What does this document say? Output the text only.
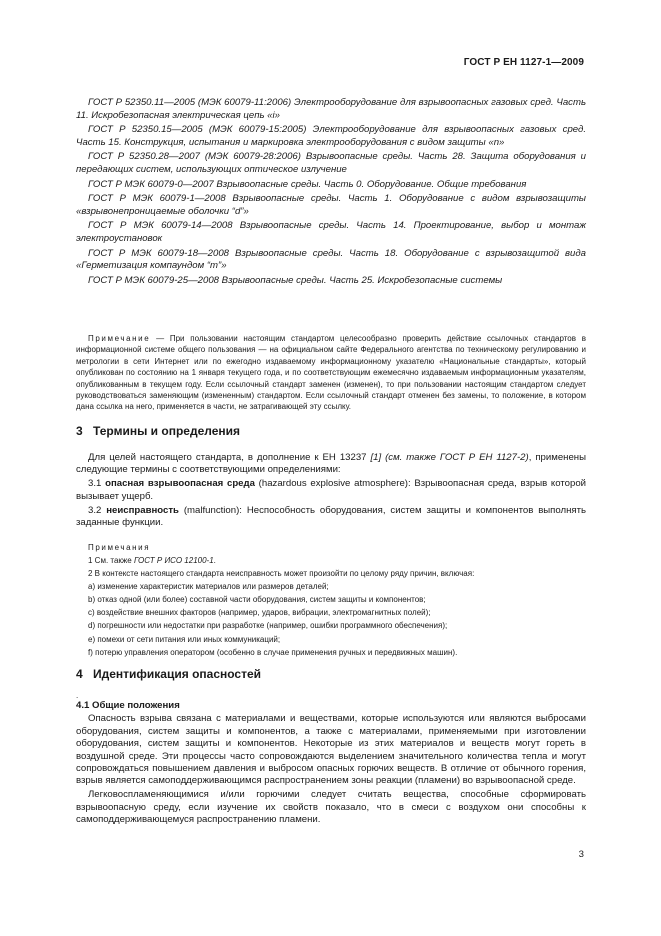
ГОСТ Р ЕН 1127-1—2009

ГОСТ Р 52350.11—2005 (МЭК 60079-11:2006) Электрооборудование для взрывоопасных газовых сред. Часть 11. Искробезопасная электрическая цепь «i»

ГОСТ Р 52350.15—2005 (МЭК 60079-15:2005) Электрооборудование для взрывоопасных газовых сред. Часть 15. Конструкция, испытания и маркировка электрооборудования с видом защиты «n»

ГОСТ Р 52350.28—2007 (МЭК 60079-28:2006) Взрывоопасные среды. Часть 28. Защита оборудования и передающих систем, использующих оптическое излучение

ГОСТ Р МЭК 60079-0—2007 Взрывоопасные среды. Часть 0. Оборудование. Общие требования

ГОСТ Р МЭК 60079-1—2008 Взрывоопасные среды. Часть 1. Оборудование с видом взрывозащиты «взрывонепроницаемые оболочки “d”»

ГОСТ Р МЭК 60079-14—2008 Взрывоопасные среды. Часть 14. Проектирование, выбор и монтаж электроустановок

ГОСТ Р МЭК 60079-18—2008 Взрывоопасные среды. Часть 18. Оборудование с взрывозащитой вида «Герметизация компаундом “m”»

ГОСТ Р МЭК 60079-25—2008 Взрывоопасные среды. Часть 25. Искробезопасные системы

Примечание — При пользовании настоящим стандартом целесообразно проверить действие ссылочных стандартов в информационной системе общего пользования — на официальном сайте Федерального агентства по техническому регулированию и метрологии в сети Интернет или по ежегодно издаваемому информационному указателю «Национальные стандарты», который опубликован по состоянию на 1 января текущего года, и по соответствующим ежемесячно издаваемым информационным указателям, опубликованным в текущем году. Если ссылочный стандарт заменен (изменен), то при пользовании настоящим стандартом следует руководствоваться заменяющим (измененным) стандартом. Если ссылочный стандарт отменен без замены, то положение, в котором дана ссылка на него, применяется в части, не затрагивающей эту ссылку.

3 Термины и определения

Для целей настоящего стандарта, в дополнение к ЕН 13237 [1] (см. также ГОСТ Р ЕН 1127-2), применены следующие термины с соответствующими определениями:

3.1 опасная взрывоопасная среда (hazardous explosive atmosphere): Взрывоопасная среда, взрыв которой вызывает ущерб.

3.2 неисправность (malfunction): Неспособность оборудования, систем защиты и компонентов выполнять заданные функции.

Примечания
1 См. также ГОСТ Р ИСО 12100-1.
2 В контексте настоящего стандарта неисправность может произойти по целому ряду причин, включая:
a) изменение характеристик материалов или размеров деталей;
b) отказ одной (или более) составной части оборудования, систем защиты и компонентов;
c) воздействие внешних факторов (например, ударов, вибрации, электромагнитных полей);
d) погрешности или недостатки при разработке (например, ошибки программного обеспечения);
e) помехи от сети питания или иных коммуникаций;
f) потерю управления оператором (особенно в случае применения ручных и передвижных машин).
4 Идентификация опасностей
.
4.1 Общие положения

Опасность взрыва связана с материалами и веществами, которые используются или являются выбросами оборудования, систем защиты и компонентов, а также с материалами, применяемыми при изготовлении оборудования, систем защиты и компонентов. Некоторые из этих материалов и веществ могут гореть в воздушной среде. Эти процессы часто сопровождаются выделением значительного количества тепла и могут сопровождаться повышением давления и выбросом опасных горючих веществ. В отличие от обычного горения, взрыв является самоподдерживающимся распространением зоны реакции (пламени) во взрывоопасной среде.

Легковоспламеняющимися и/или горючими следует считать вещества, способные сформировать взрывоопасную среду, если изучение их свойств показало, что в смеси с воздухом они способны к самоподдерживающемуся распространению пламени.

3
